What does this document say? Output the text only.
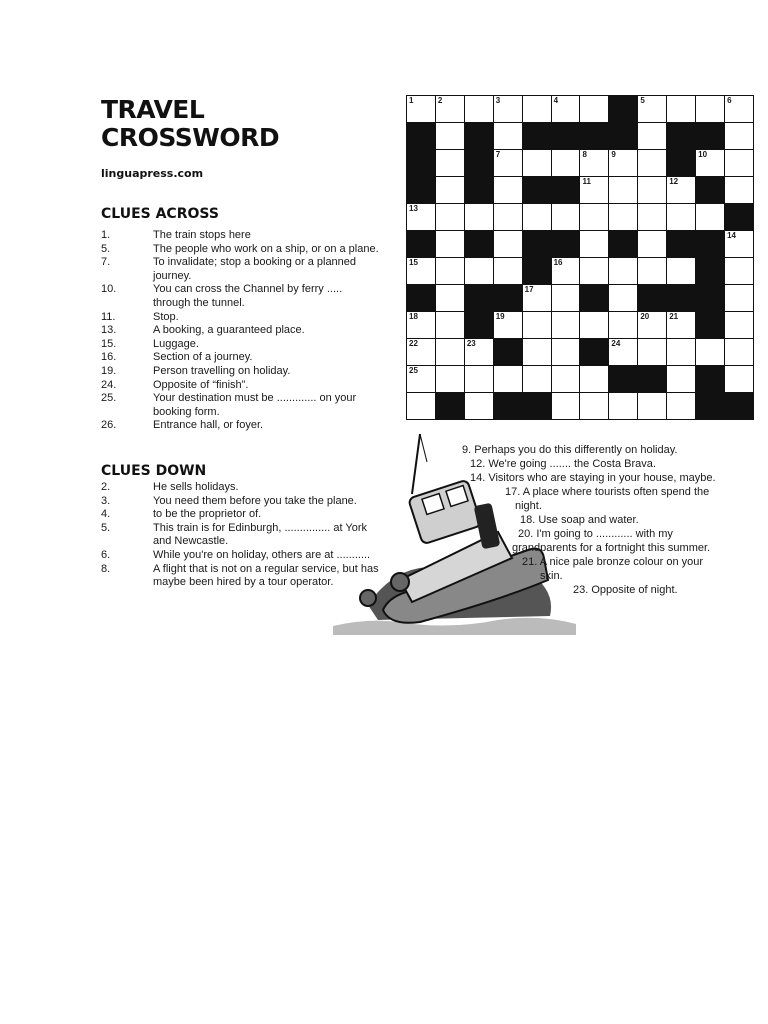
TRAVEL
CROSSWORD
linguapress.com
CLUES ACROSS
1.	The train stops here
5.	The people who work on a ship, or on a plane.
7.	To invalidate; stop a booking or a planned journey.
10.	You can cross the Channel by ferry ..... through the tunnel.
11.	Stop.
13.	A booking, a guaranteed place.
15.	Luggage.
16.	Section of a journey.
19.	Person travelling on holiday.
24.	Opposite of “finish”.
25.	Your destination must be ............. on your booking form.
26.	Entrance hall, or foyer.
CLUES DOWN
2.	He sells holidays.
3.	You need them before you take the plane.
4.	to be the proprietor of.
5.	This train is for Edinburgh, ............... at York and Newcastle.
6.	While you're on holiday, others are at ...........
8.	A flight that is not on a regular service, but has maybe been hired by a tour operator.
1	2	3	4	5	6
7	8	9	10
11	12
13
14
15	16
17
18	19	20	21
22	23	24
25
9. Perhaps you do this differently on holiday.
12. We're going ....... the Costa Brava.
14. Visitors who are staying in your house, maybe.
17. A place where tourists often spend the
night.
18. Use soap and water.
20. I'm going to ............ with my
grandparents for a fortnight this summer.
21. A nice pale bronze colour on your
skin.
23. Opposite of night.
